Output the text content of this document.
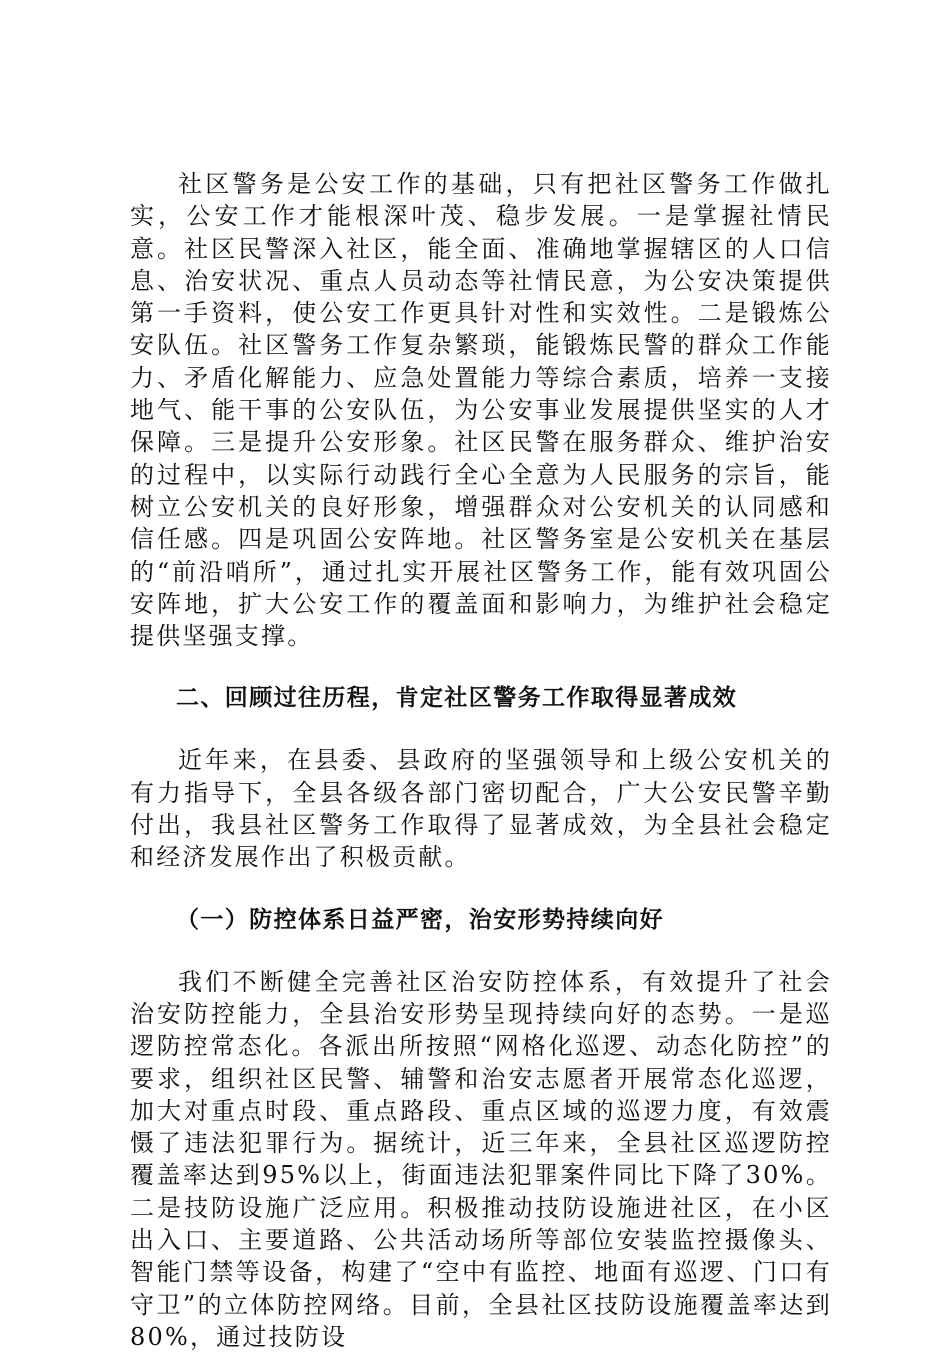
社区警务是公安工作的基础，只有把社区警务工作做扎实，公安工作才能根深叶茂、稳步发展。一是掌握社情民意。社区民警深入社区，能全面、准确地掌握辖区的人口信息、治安状况、重点人员动态等社情民意，为公安决策提供第一手资料，使公安工作更具针对性和实效性。二是锻炼公安队伍。社区警务工作复杂繁琐，能锻炼民警的群众工作能力、矛盾化解能力、应急处置能力等综合素质，培养一支接地气、能干事的公安队伍，为公安事业发展提供坚实的人才保障。三是提升公安形象。社区民警在服务群众、维护治安的过程中，以实际行动践行全心全意为人民服务的宗旨，能树立公安机关的良好形象，增强群众对公安机关的认同感和信任感。四是巩固公安阵地。社区警务室是公安机关在基层的“前沿哨所”，通过扎实开展社区警务工作，能有效巩固公安阵地，扩大公安工作的覆盖面和影响力，为维护社会稳定提供坚强支撑。

二、回顾过往历程，肯定社区警务工作取得显著成效

近年来，在县委、县政府的坚强领导和上级公安机关的有力指导下，全县各级各部门密切配合，广大公安民警辛勤付出，我县社区警务工作取得了显著成效，为全县社会稳定和经济发展作出了积极贡献。

（一）防控体系日益严密，治安形势持续向好

我们不断健全完善社区治安防控体系，有效提升了社会治安防控能力，全县治安形势呈现持续向好的态势。一是巡逻防控常态化。各派出所按照“网格化巡逻、动态化防控”的要求，组织社区民警、辅警和治安志愿者开展常态化巡逻，加大对重点时段、重点路段、重点区域的巡逻力度，有效震慑了违法犯罪行为。据统计，近三年来，全县社区巡逻防控覆盖率达到95%以上，街面违法犯罪案件同比下降了30%。二是技防设施广泛应用。积极推动技防设施进社区，在小区出入口、主要道路、公共活动场所等部位安装监控摄像头、智能门禁等设备，构建了“空中有监控、地面有巡逻、门口有守卫”的立体防控网络。目前，全县社区技防设施覆盖率达到80%，通过技防设
